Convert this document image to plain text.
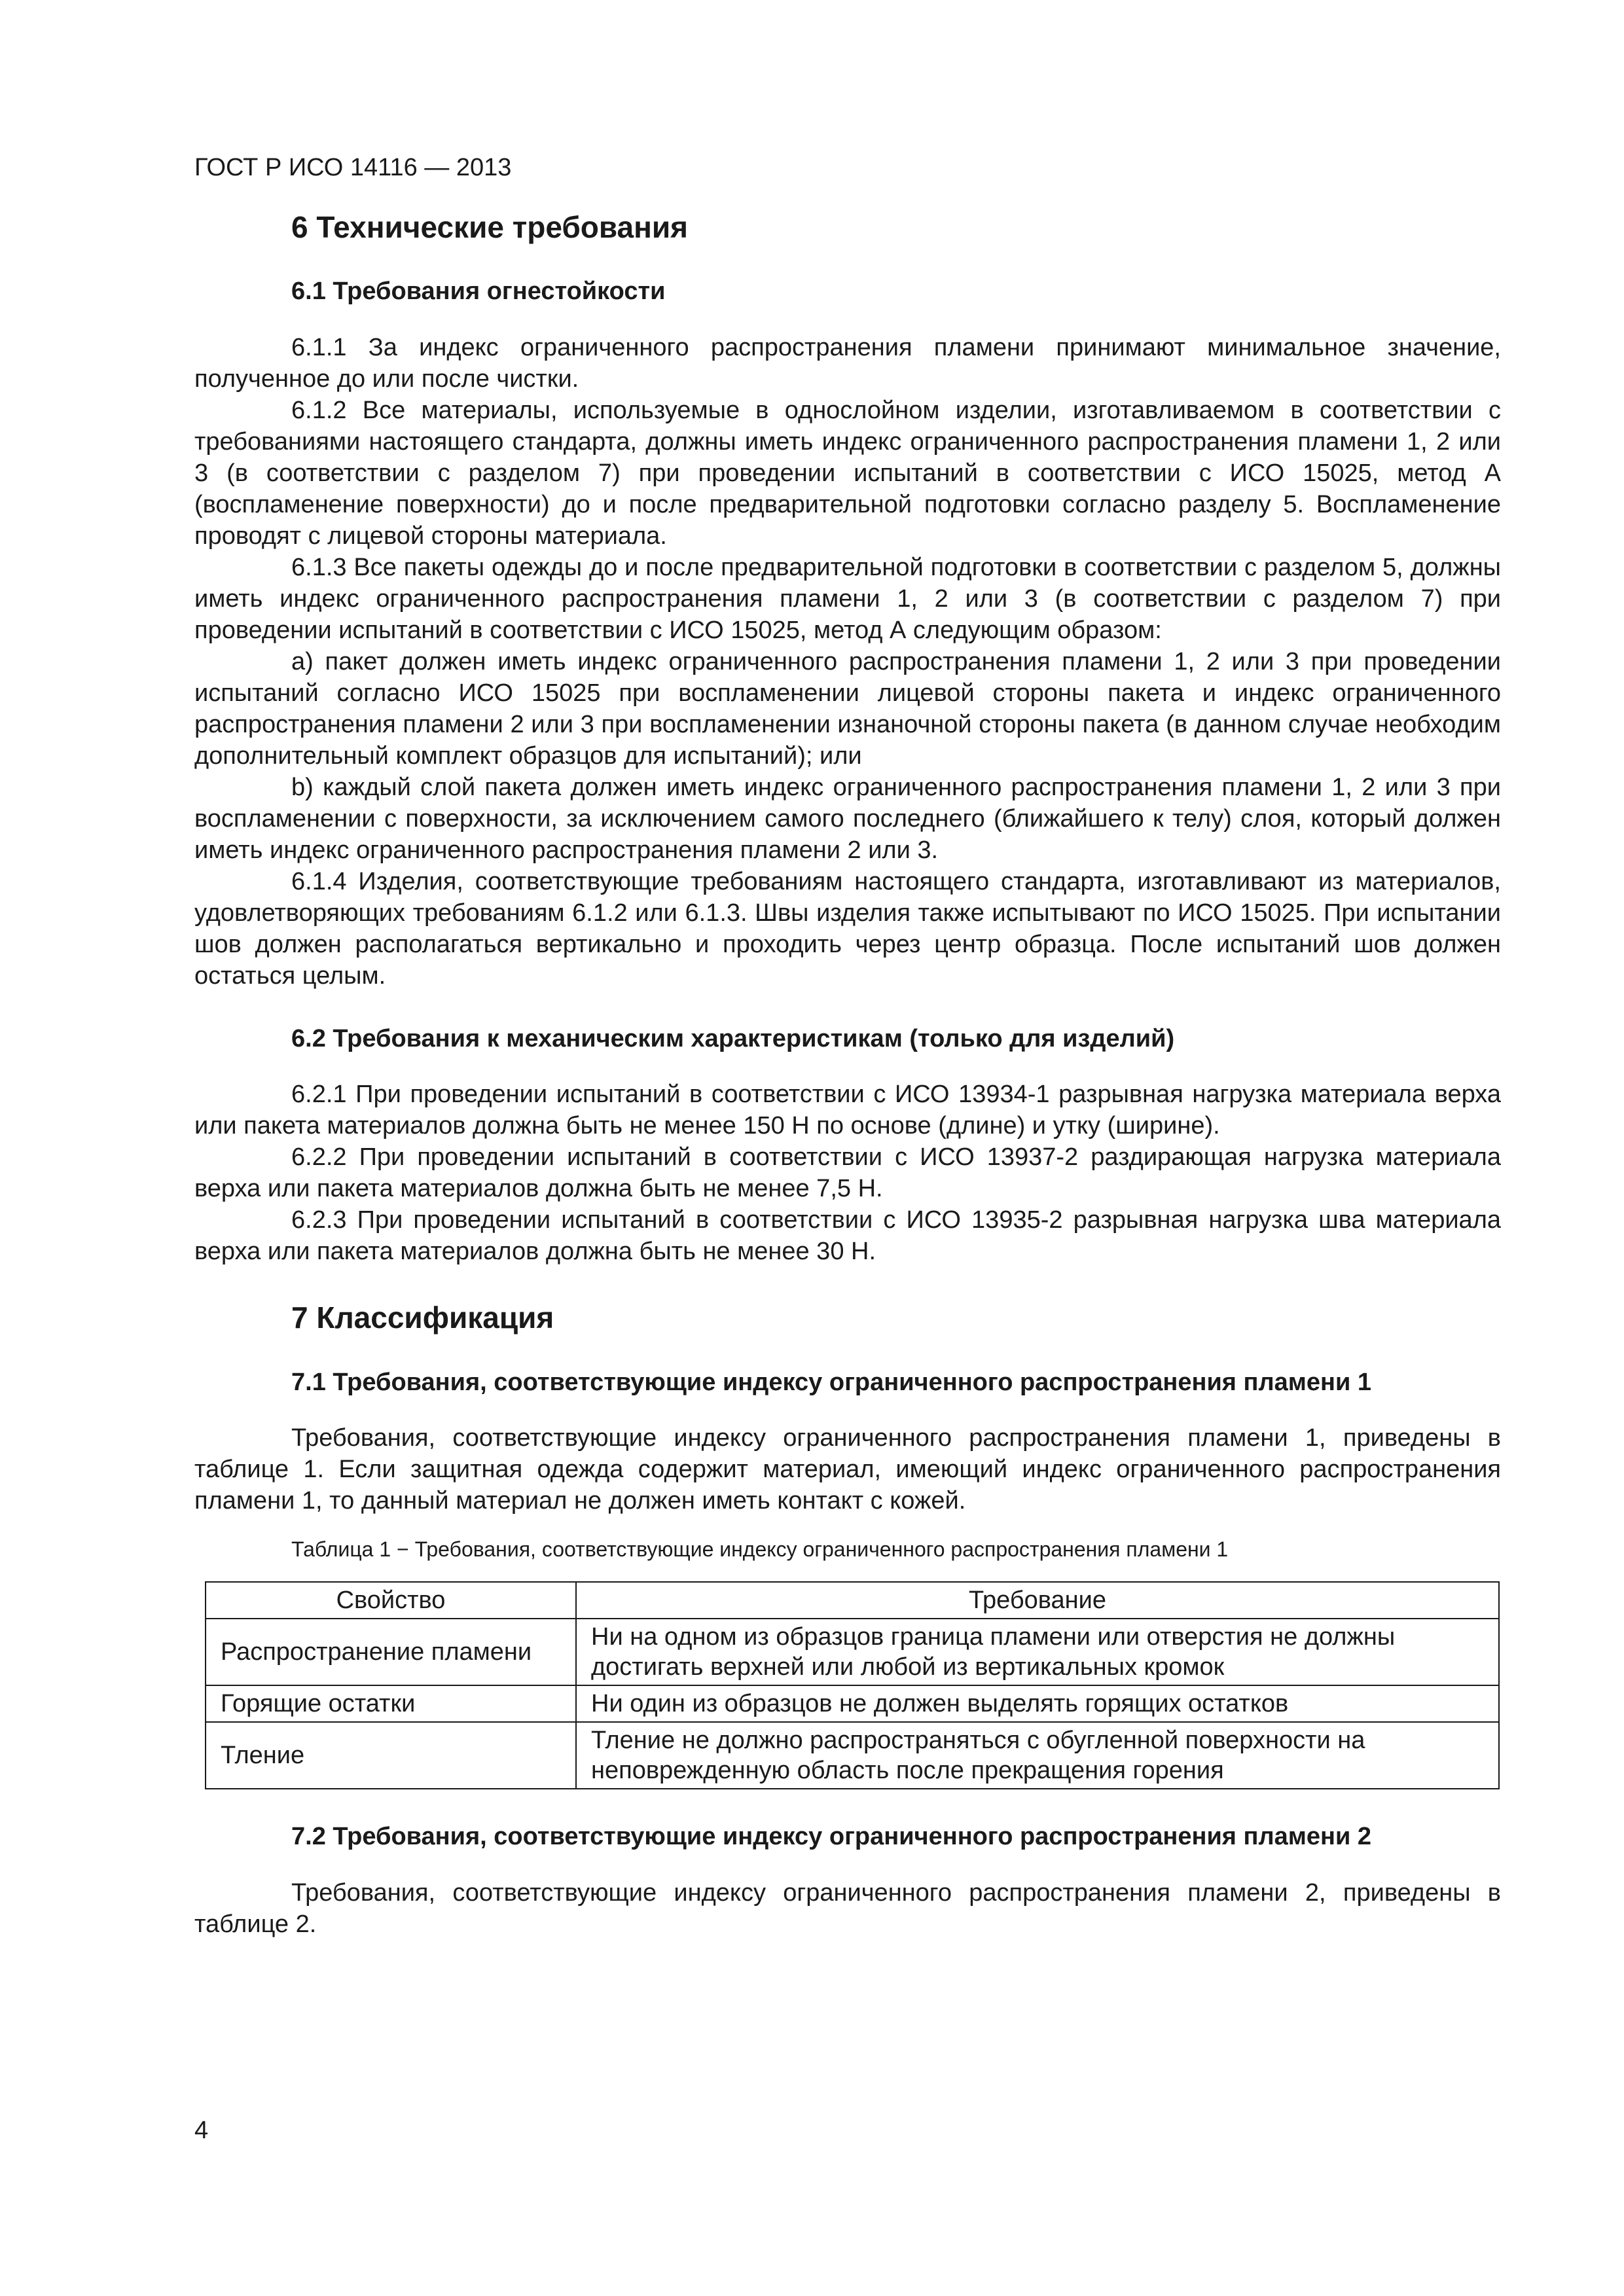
ГОСТ Р ИСО 14116 — 2013
6 Технические требования
6.1 Требования огнестойкости

6.1.1 За индекс ограниченного распространения пламени принимают минимальное значение, полученное до или после чистки.

6.1.2 Все материалы, используемые в однослойном изделии, изготавливаемом в соответствии с требованиями настоящего стандарта, должны иметь индекс ограниченного распространения пламени 1, 2 или 3 (в соответствии с разделом 7) при проведении испытаний в соответствии с ИСО 15025, метод А (воспламенение поверхности) до и после предварительной подготовки согласно разделу 5. Воспламенение проводят с лицевой стороны материала.

6.1.3 Все пакеты одежды до и после предварительной подготовки в соответствии с разделом 5, должны иметь индекс ограниченного распространения пламени 1, 2 или 3 (в соответствии с разделом 7) при проведении испытаний в соответствии с ИСО 15025, метод А следующим образом:

a) пакет должен иметь индекс ограниченного распространения пламени 1, 2 или 3 при проведении испытаний согласно ИСО 15025 при воспламенении лицевой стороны пакета и индекс ограниченного распространения пламени 2 или 3 при воспламенении изнаночной стороны пакета (в данном случае необходим дополнительный комплект образцов для испытаний); или

b) каждый слой пакета должен иметь индекс ограниченного распространения пламени 1, 2 или 3 при воспламенении с поверхности, за исключением самого последнего (ближайшего к телу) слоя, который должен иметь индекс ограниченного распространения пламени 2 или 3.

6.1.4 Изделия, соответствующие требованиям настоящего стандарта, изготавливают из материалов, удовлетворяющих требованиям 6.1.2 или 6.1.3. Швы изделия также испытывают по ИСО 15025. При испытании шов должен располагаться вертикально и проходить через центр образца. После испытаний шов должен остаться целым.

6.2 Требования к механическим характеристикам (только для изделий)

6.2.1 При проведении испытаний в соответствии с ИСО 13934-1 разрывная нагрузка материала верха или пакета материалов должна быть не менее 150 Н по основе (длине) и утку (ширине).

6.2.2 При проведении испытаний в соответствии с ИСО 13937-2 раздирающая нагрузка материала верха или пакета материалов должна быть не менее 7,5 Н.

6.2.3 При проведении испытаний в соответствии с ИСО 13935-2 разрывная нагрузка шва материала верха или пакета материалов должна быть не менее 30 Н.

7 Классификация
7.1 Требования, соответствующие индексу ограниченного распространения пламени 1

Требования, соответствующие индексу ограниченного распространения пламени 1, приведены в таблице 1. Если защитная одежда содержит материал, имеющий индекс ограниченного распространения пламени 1, то данный материал не должен иметь контакт с кожей.

Таблица 1 − Требования, соответствующие индексу ограниченного распространения пламени 1
Свойство	Требование
Распространение пламени	Ни на одном из образцов граница пламени или отверстия не должны достигать верхней или любой из вертикальных кромок
Горящие остатки	Ни один из образцов не должен выделять горящих остатков
Тление	Тление не должно распространяться с обугленной поверхности на неповрежденную область после прекращения горения
7.2 Требования, соответствующие индексу ограниченного распространения пламени 2

Требования, соответствующие индексу ограниченного распространения пламени 2, приведены в таблице 2.

4
